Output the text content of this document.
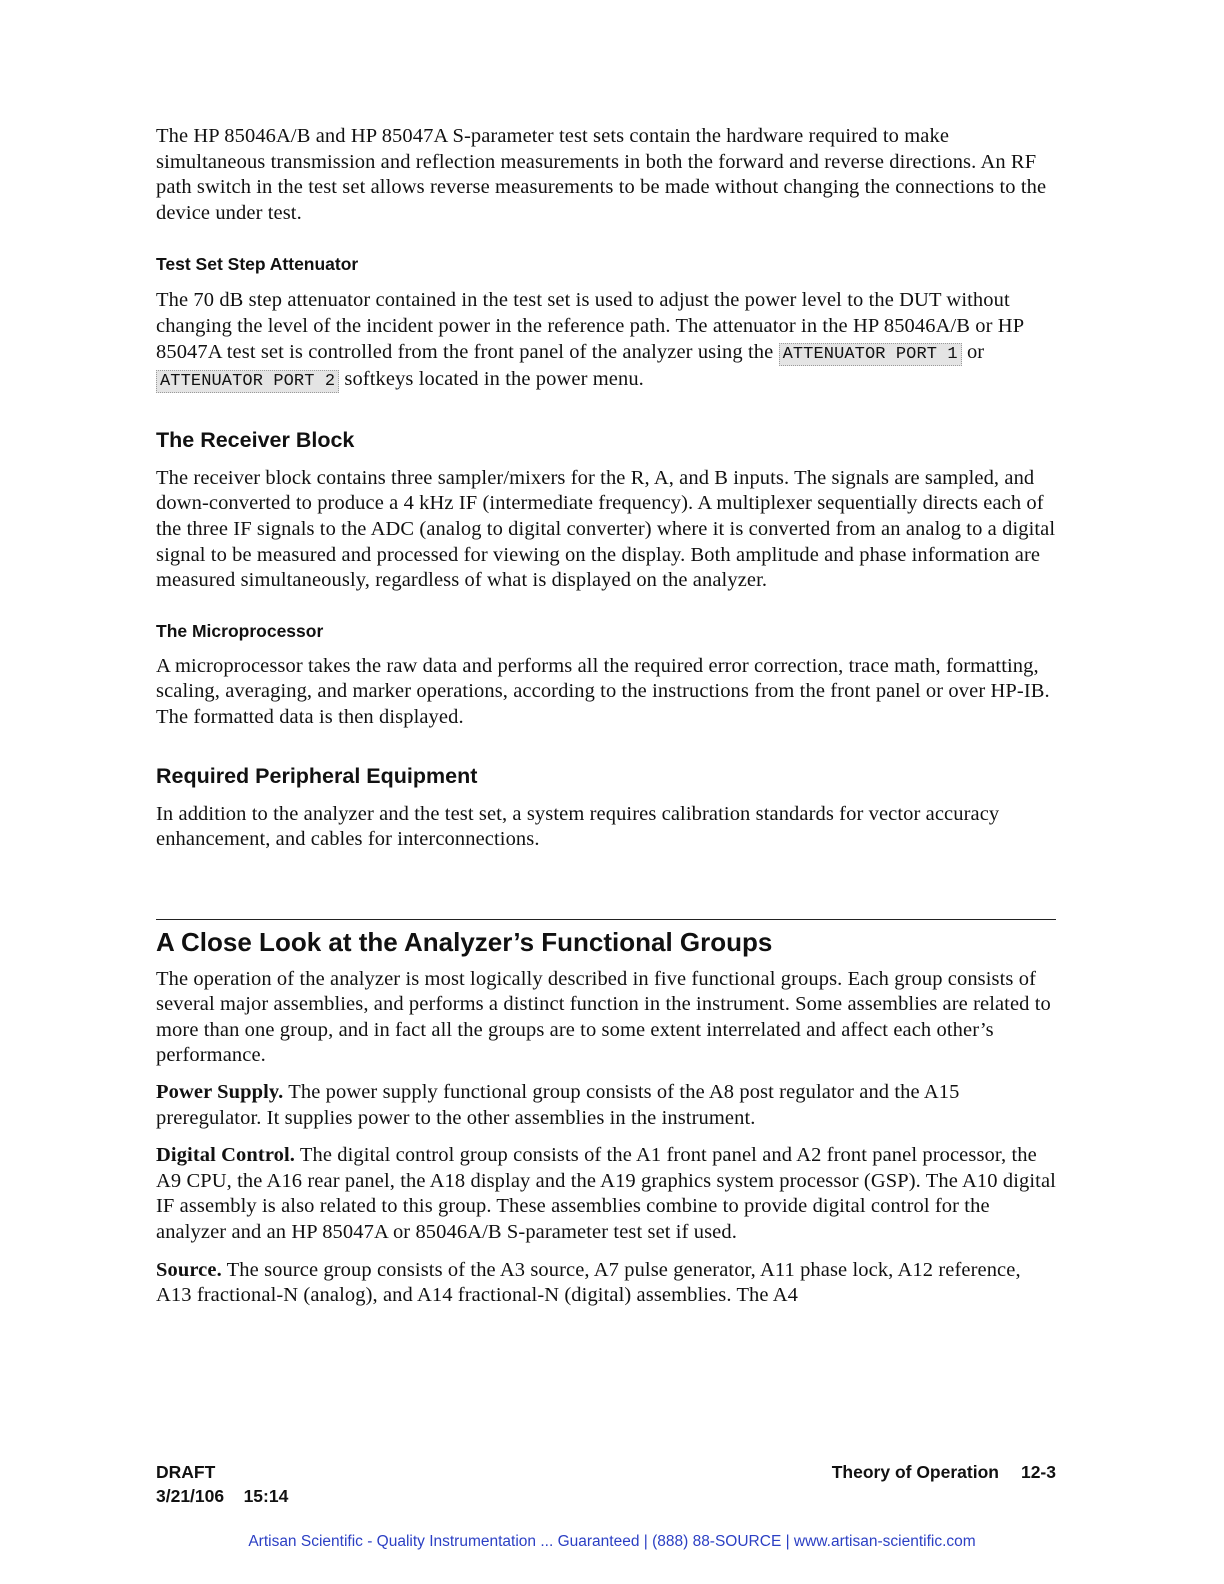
The HP 85046A/B and HP 85047A S-parameter test sets contain the hardware required to make simultaneous transmission and reflection measurements in both the forward and reverse directions. An RF path switch in the test set allows reverse measurements to be made without changing the connections to the device under test.

Test Set Step Attenuator

The 70 dB step attenuator contained in the test set is used to adjust the power level to the DUT without changing the level of the incident power in the reference path. The attenuator in the HP 85046A/B or HP 85047A test set is controlled from the front panel of the analyzer using the ATTENUATOR PORT 1 or ATTENUATOR PORT 2 softkeys located in the power menu.

The Receiver Block

The receiver block contains three sampler/mixers for the R, A, and B inputs. The signals are sampled, and down-converted to produce a 4 kHz IF (intermediate frequency). A multiplexer sequentially directs each of the three IF signals to the ADC (analog to digital converter) where it is converted from an analog to a digital signal to be measured and processed for viewing on the display. Both amplitude and phase information are measured simultaneously, regardless of what is displayed on the analyzer.

The Microprocessor

A microprocessor takes the raw data and performs all the required error correction, trace math, formatting, scaling, averaging, and marker operations, according to the instructions from the front panel or over HP-IB. The formatted data is then displayed.

Required Peripheral Equipment

In addition to the analyzer and the test set, a system requires calibration standards for vector accuracy enhancement, and cables for interconnections.

A Close Look at the Analyzer’s Functional Groups

The operation of the analyzer is most logically described in five functional groups. Each group consists of several major assemblies, and performs a distinct function in the instrument. Some assemblies are related to more than one group, and in fact all the groups are to some extent interrelated and affect each other’s performance.

Power Supply. The power supply functional group consists of the A8 post regulator and the A15 preregulator. It supplies power to the other assemblies in the instrument.

Digital Control. The digital control group consists of the A1 front panel and A2 front panel processor, the A9 CPU, the A16 rear panel, the A18 display and the A19 graphics system processor (GSP). The A10 digital IF assembly is also related to this group. These assemblies combine to provide digital control for the analyzer and an HP 85047A or 85046A/B S-parameter test set if used.

Source. The source group consists of the A3 source, A7 pulse generator, A11 phase lock, A12 reference, A13 fractional-N (analog), and A14 fractional-N (digital) assemblies. The A4

DRAFT
3/21/106    15:14
Theory of Operation 12-3
Artisan Scientific - Quality Instrumentation ... Guaranteed | (888) 88-SOURCE | www.artisan-scientific.com
